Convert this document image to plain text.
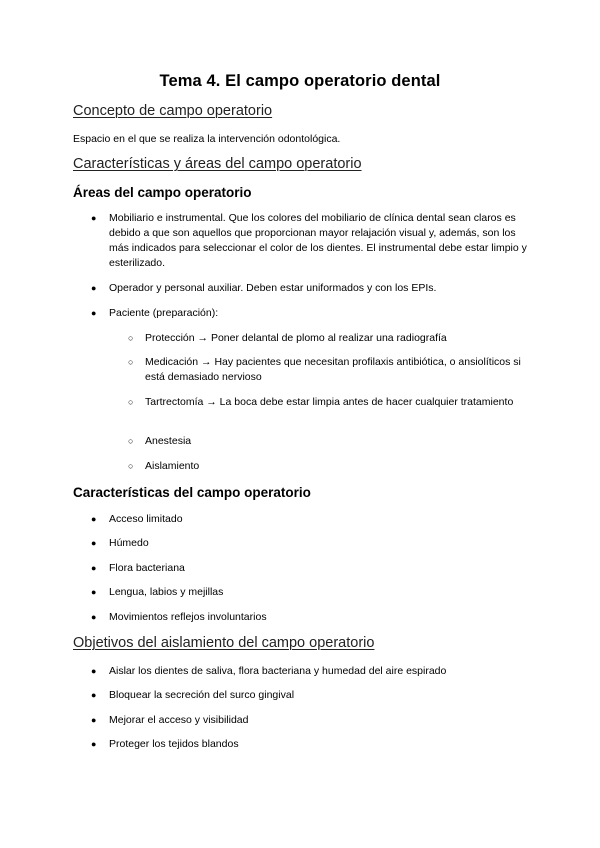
Tema 4. El campo operatorio dental
Concepto de campo operatorio
Espacio en el que se realiza la intervención odontológica.
Características y áreas del campo operatorio
Áreas del campo operatorio
● Mobiliario e instrumental. Que los colores del mobiliario de clínica dental sean claros es debido a que son aquellos que proporcionan mayor relajación visual y, además, son los más indicados para seleccionar el color de los dientes. El instrumental debe estar limpio y esterilizado.
● Operador y personal auxiliar. Deben estar uniformados y con los EPIs.
● Paciente (preparación):
○ Protección → Poner delantal de plomo al realizar una radiografía
○ Medicación → Hay pacientes que necesitan profilaxis antibiótica, o ansiolíticos si está demasiado nervioso
○ Tartrectomía → La boca debe estar limpia antes de hacer cualquier tratamiento
○ Anestesia
○ Aislamiento
Características del campo operatorio
● Acceso limitado
● Húmedo
● Flora bacteriana
● Lengua, labios y mejillas
● Movimientos reflejos involuntarios
Objetivos del aislamiento del campo operatorio
● Aislar los dientes de saliva, flora bacteriana y humedad del aire espirado
● Bloquear la secreción del surco gingival
● Mejorar el acceso y visibilidad
● Proteger los tejidos blandos
